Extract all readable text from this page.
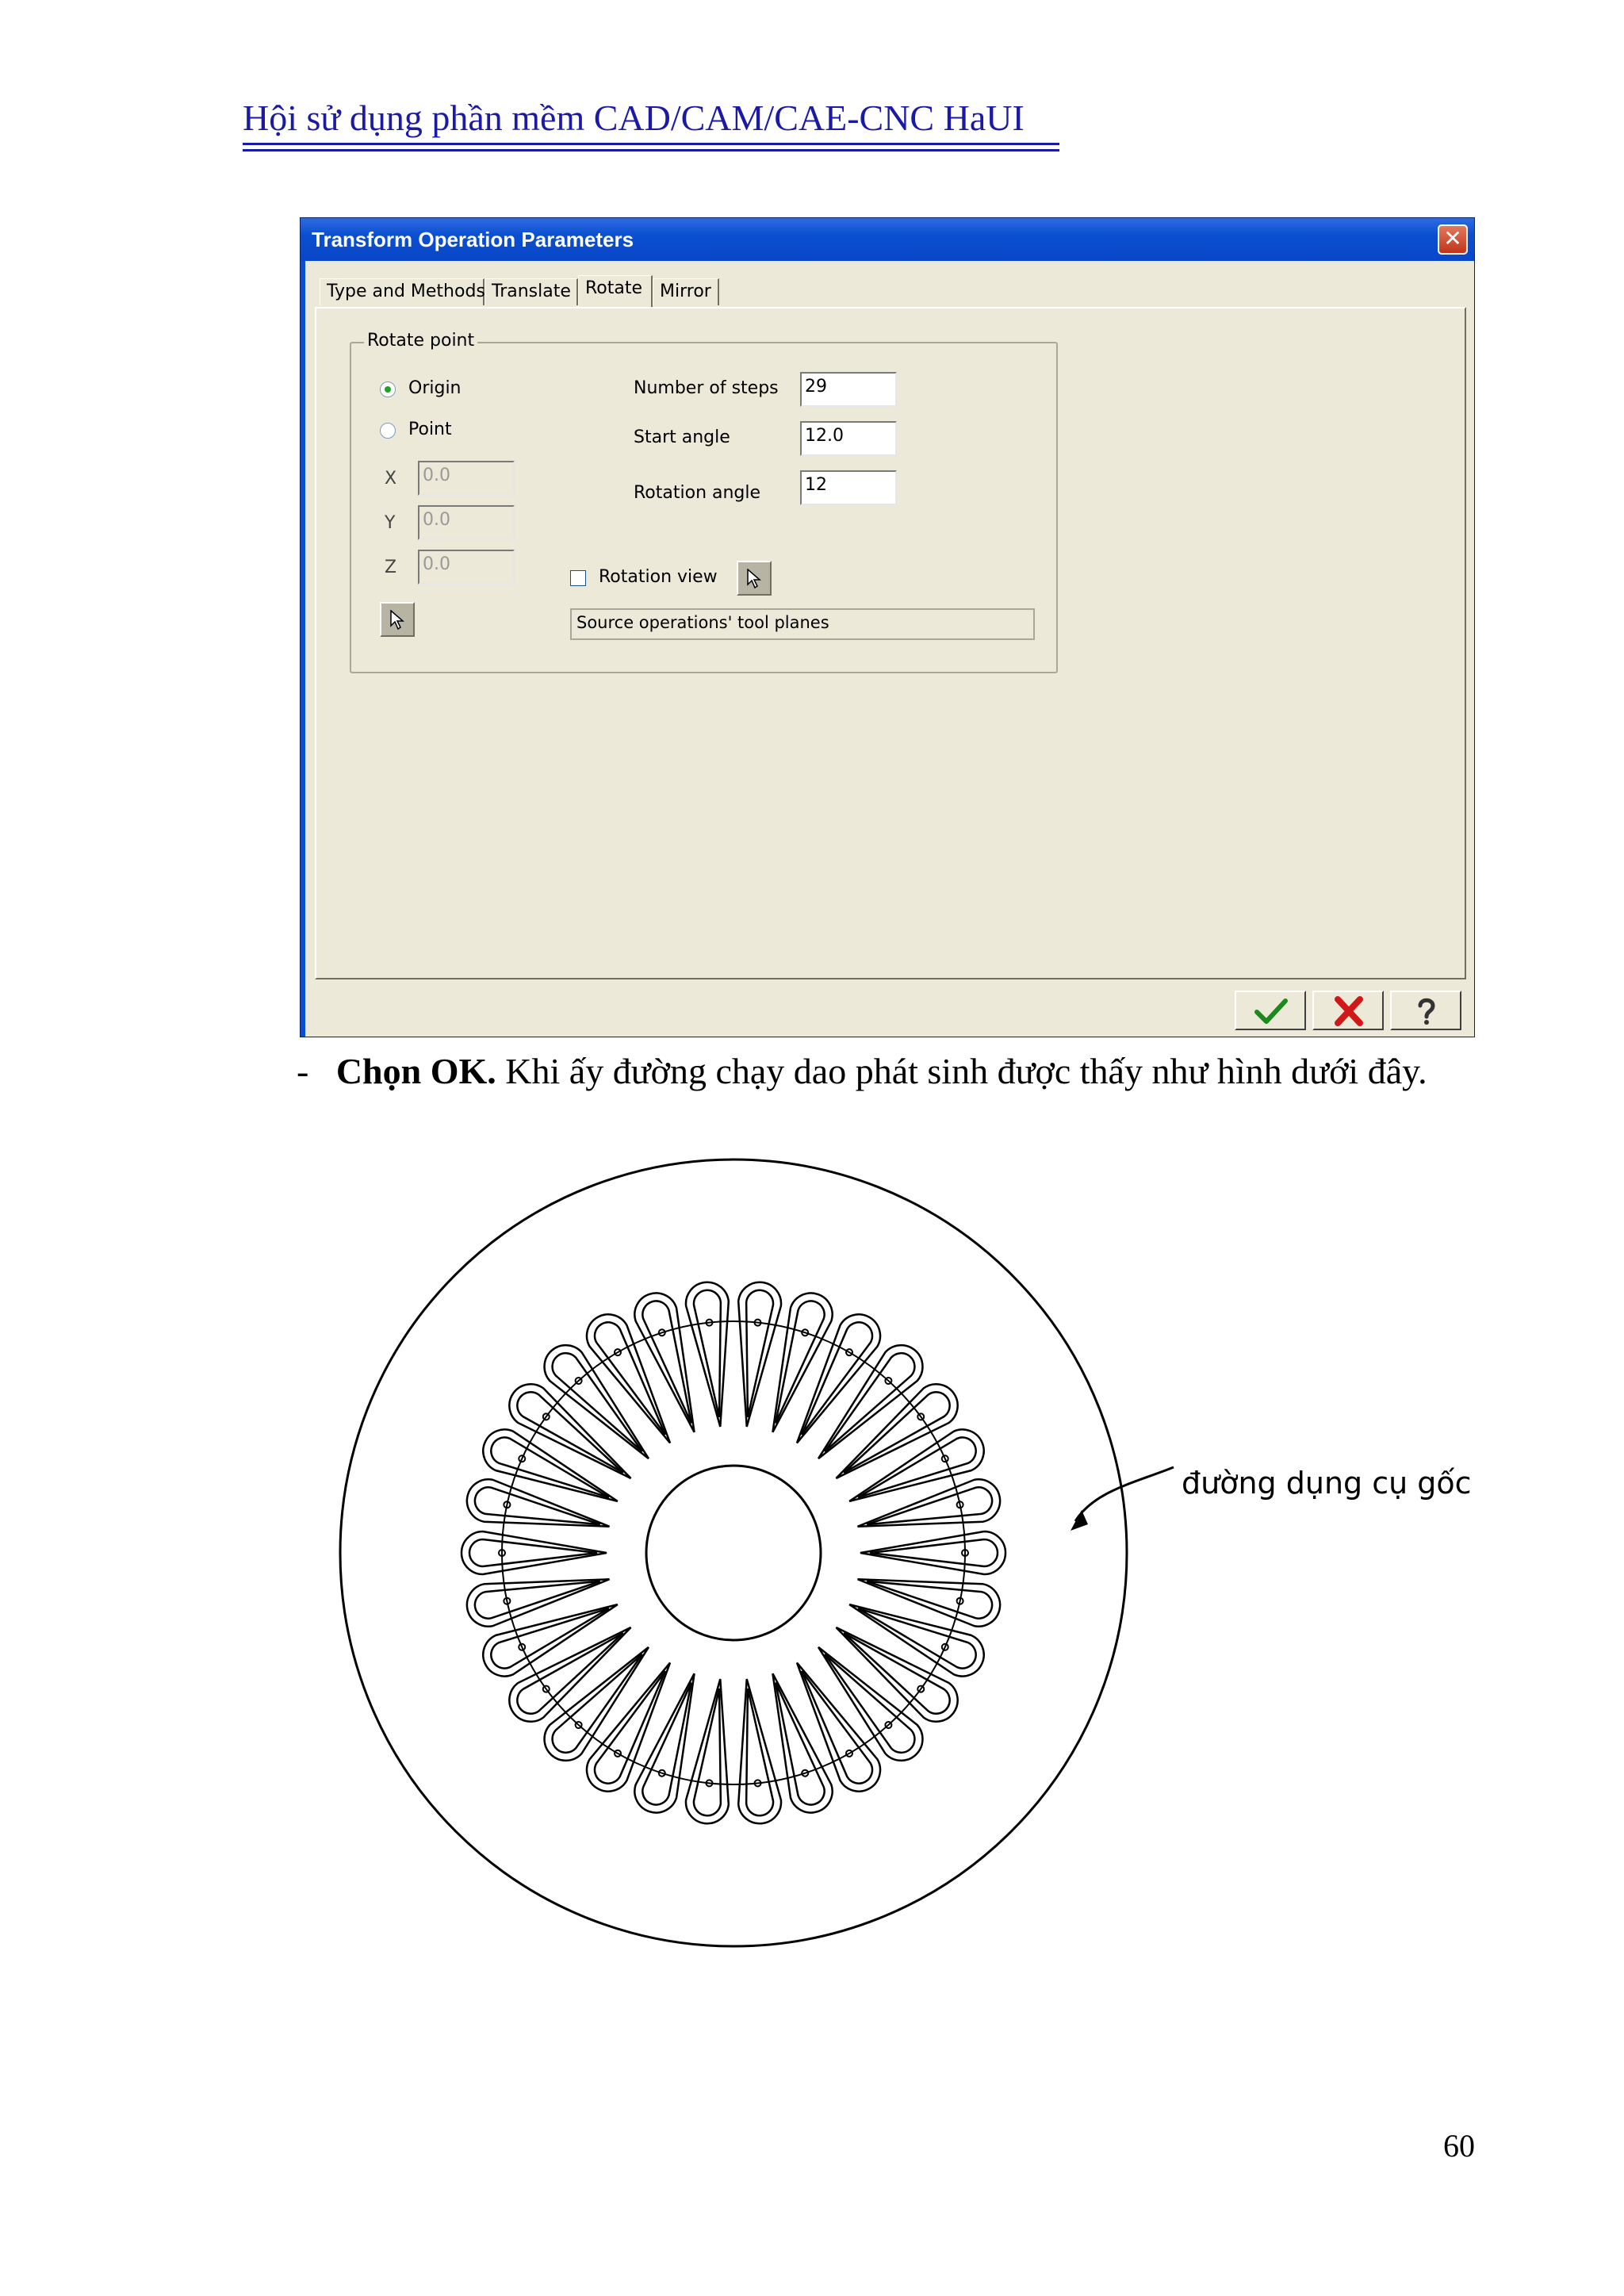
Hội sử dụng phần mềm CAD/CAM/CAE-CNC HaUI
Transform Operation Parameters	✕
Type and Methods Translate Rotate Mirror
Rotate point
Origin
Point
X 0.0
Y 0.0
Z 0.0
Number of steps 29
Start angle	12.0
Rotation angle	12
Rotation view
Source operations' tool planes
- Chọn OK. Khi ấy đường chạy dao phát sinh được thấy như hình dưới đây.
đường dụng cụ gốc
60
